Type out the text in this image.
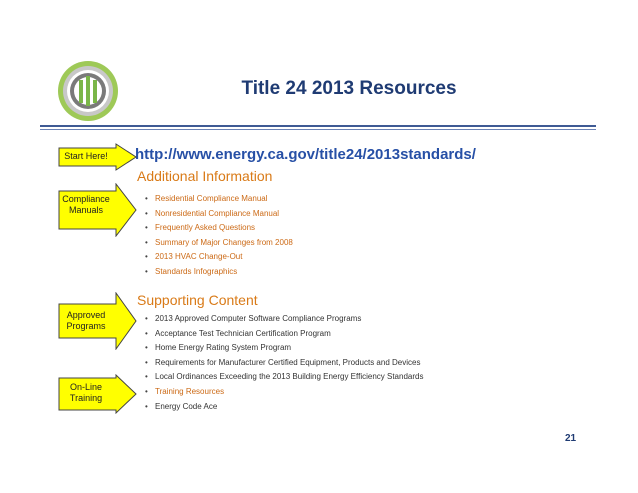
Title 24 2013 Resources
http://www.energy.ca.gov/title24/2013standards/
Start Here!
Compliance Manuals
Approved Programs
On-Line Training
Additional Information
• Residential Compliance Manual
• Nonresidential Compliance Manual
• Frequently Asked Questions
• Summary of Major Changes from 2008
• 2013 HVAC Change-Out
• Standards Infographics
Supporting Content
• 2013 Approved Computer Software Compliance Programs
• Acceptance Test Technician Certification Program
• Home Energy Rating System Program
• Requirements for Manufacturer Certified Equipment, Products and Devices
• Local Ordinances Exceeding the 2013 Building Energy Efficiency Standards
• Training Resources
• Energy Code Ace
21
